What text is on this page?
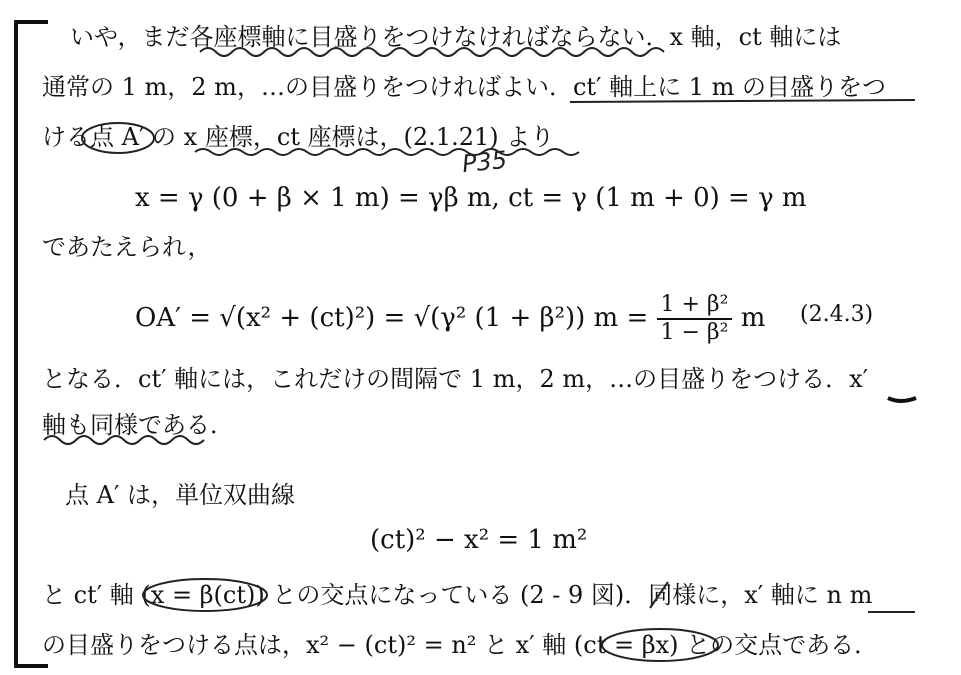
いや，まだ各座標軸に目盛りをつけなければならない．x 軸，ct 軸には
通常の 1 m，2 m，…の目盛りをつければよい．ct′ 軸上に 1 m の目盛りをつ
ける点 A′ の x 座標，ct 座標は，(2.1.21) より
P35
x = γ (0 + β × 1 m) = γβ m, ct = γ (1 m + 0) = γ m
であたえられ，
OA′ = √(x² + (ct)²) = √(γ² (1 + β²)) $m = \frac{\text{1 + β²}}{\text{1 − β²}}$ m (2.4.3)
となる．ct′ 軸には，これだけの間隔で 1 m，2 m，…の目盛りをつける．x′
軸も同様である．
点 A′ は，単位双曲線
(ct)² − x² = 1 m²
と ct′ 軸 (x = β(ct)) との交点になっている (2 - 9 図)．同様に，x′ 軸に n m
の目盛りをつける点は，x² − (ct)² = n² と x′ 軸 (ct = βx) との交点である．
